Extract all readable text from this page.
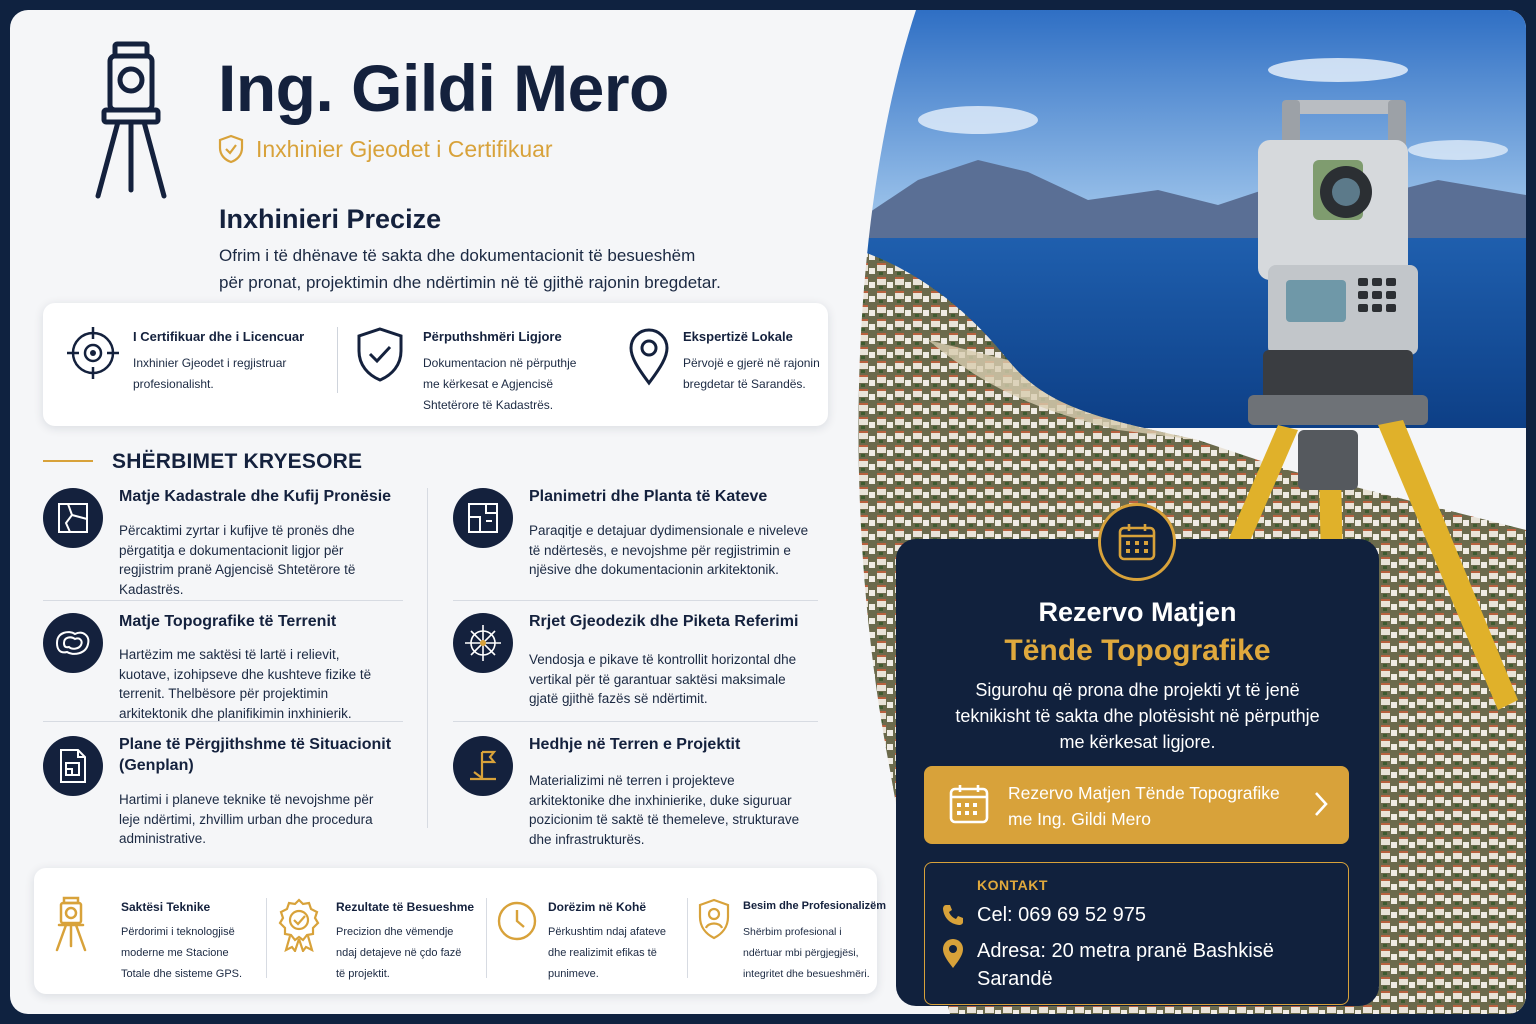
Ing. Gildi Mero
Inxhinier Gjeodet i Certifikuar
Inxhinieri Precize
Ofrim i të dhënave të sakta dhe dokumentacionit të besueshëm
për pronat, projektimin dhe ndërtimin në të gjithë rajonin bregdetar.
I Certifikuar dhe i Licencuar
Inxhinier Gjeodet i regjistruar profesionalisht.
Përputhshmëri Ligjore
Dokumentacion në përputhje me kërkesat e Agjencisë Shtetërore të Kadastrës.
Ekspertizë Lokale
Përvojë e gjerë në rajonin bregdetar të Sarandës.
SHËRBIMET KRYESORE
Matje Kadastrale dhe Kufij Pronësie
Përcaktimi zyrtar i kufijve të pronës dhe përgatitja e dokumentacionit ligjor për regjistrim pranë Agjencisë Shtetërore të Kadastrës.
Planimetri dhe Planta të Kateve
Paraqitje e detajuar dydimensionale e niveleve të ndërtesës, e nevojshme për regjistrimin e njësive dhe dokumentacionin arkitektonik.
Matje Topografike të Terrenit
Hartëzim me saktësi të lartë i relievit, kuotave, izohipseve dhe kushteve fizike të terrenit. Thelbësore për projektimin arkitektonik dhe planifikimin inxhinierik.
Rrjet Gjeodezik dhe Piketa Referimi
Vendosja e pikave të kontrollit horizontal dhe vertikal për të garantuar saktësi maksimale gjatë gjithë fazës së ndërtimit.
Plane të Përgjithshme të Situacionit (Genplan)
Hartimi i planeve teknike të nevojshme për leje ndërtimi, zhvillim urban dhe procedura administrative.
Hedhje në Terren e Projektit
Materializimi në terren i projekteve arkitektonike dhe inxhinierike, duke siguruar pozicionim të saktë të themeleve, strukturave dhe infrastrukturës.
Saktësi Teknike
Përdorimi i teknologjisë moderne me Stacione Totale dhe sisteme GPS.
Rezultate të Besueshme
Precizion dhe vëmendje ndaj detajeve në çdo fazë të projektit.
Dorëzim në Kohë
Përkushtim ndaj afateve dhe realizimit efikas të punimeve.
Besim dhe Profesionalizëm
Shërbim profesional i ndërtuar mbi përgjegjësi, integritet dhe besueshmëri.
Rezervo Matjen
Tënde Topografike
Sigurohu që prona dhe projekti yt të jenë teknikisht të sakta dhe plotësisht në përputhje me kërkesat ligjore.
Rezervo Matjen Tënde Topografike me Ing. Gildi Mero
KONTAKT
Cel: 069 69 52 975
Adresa: 20 metra pranë Bashkisë Sarandë
